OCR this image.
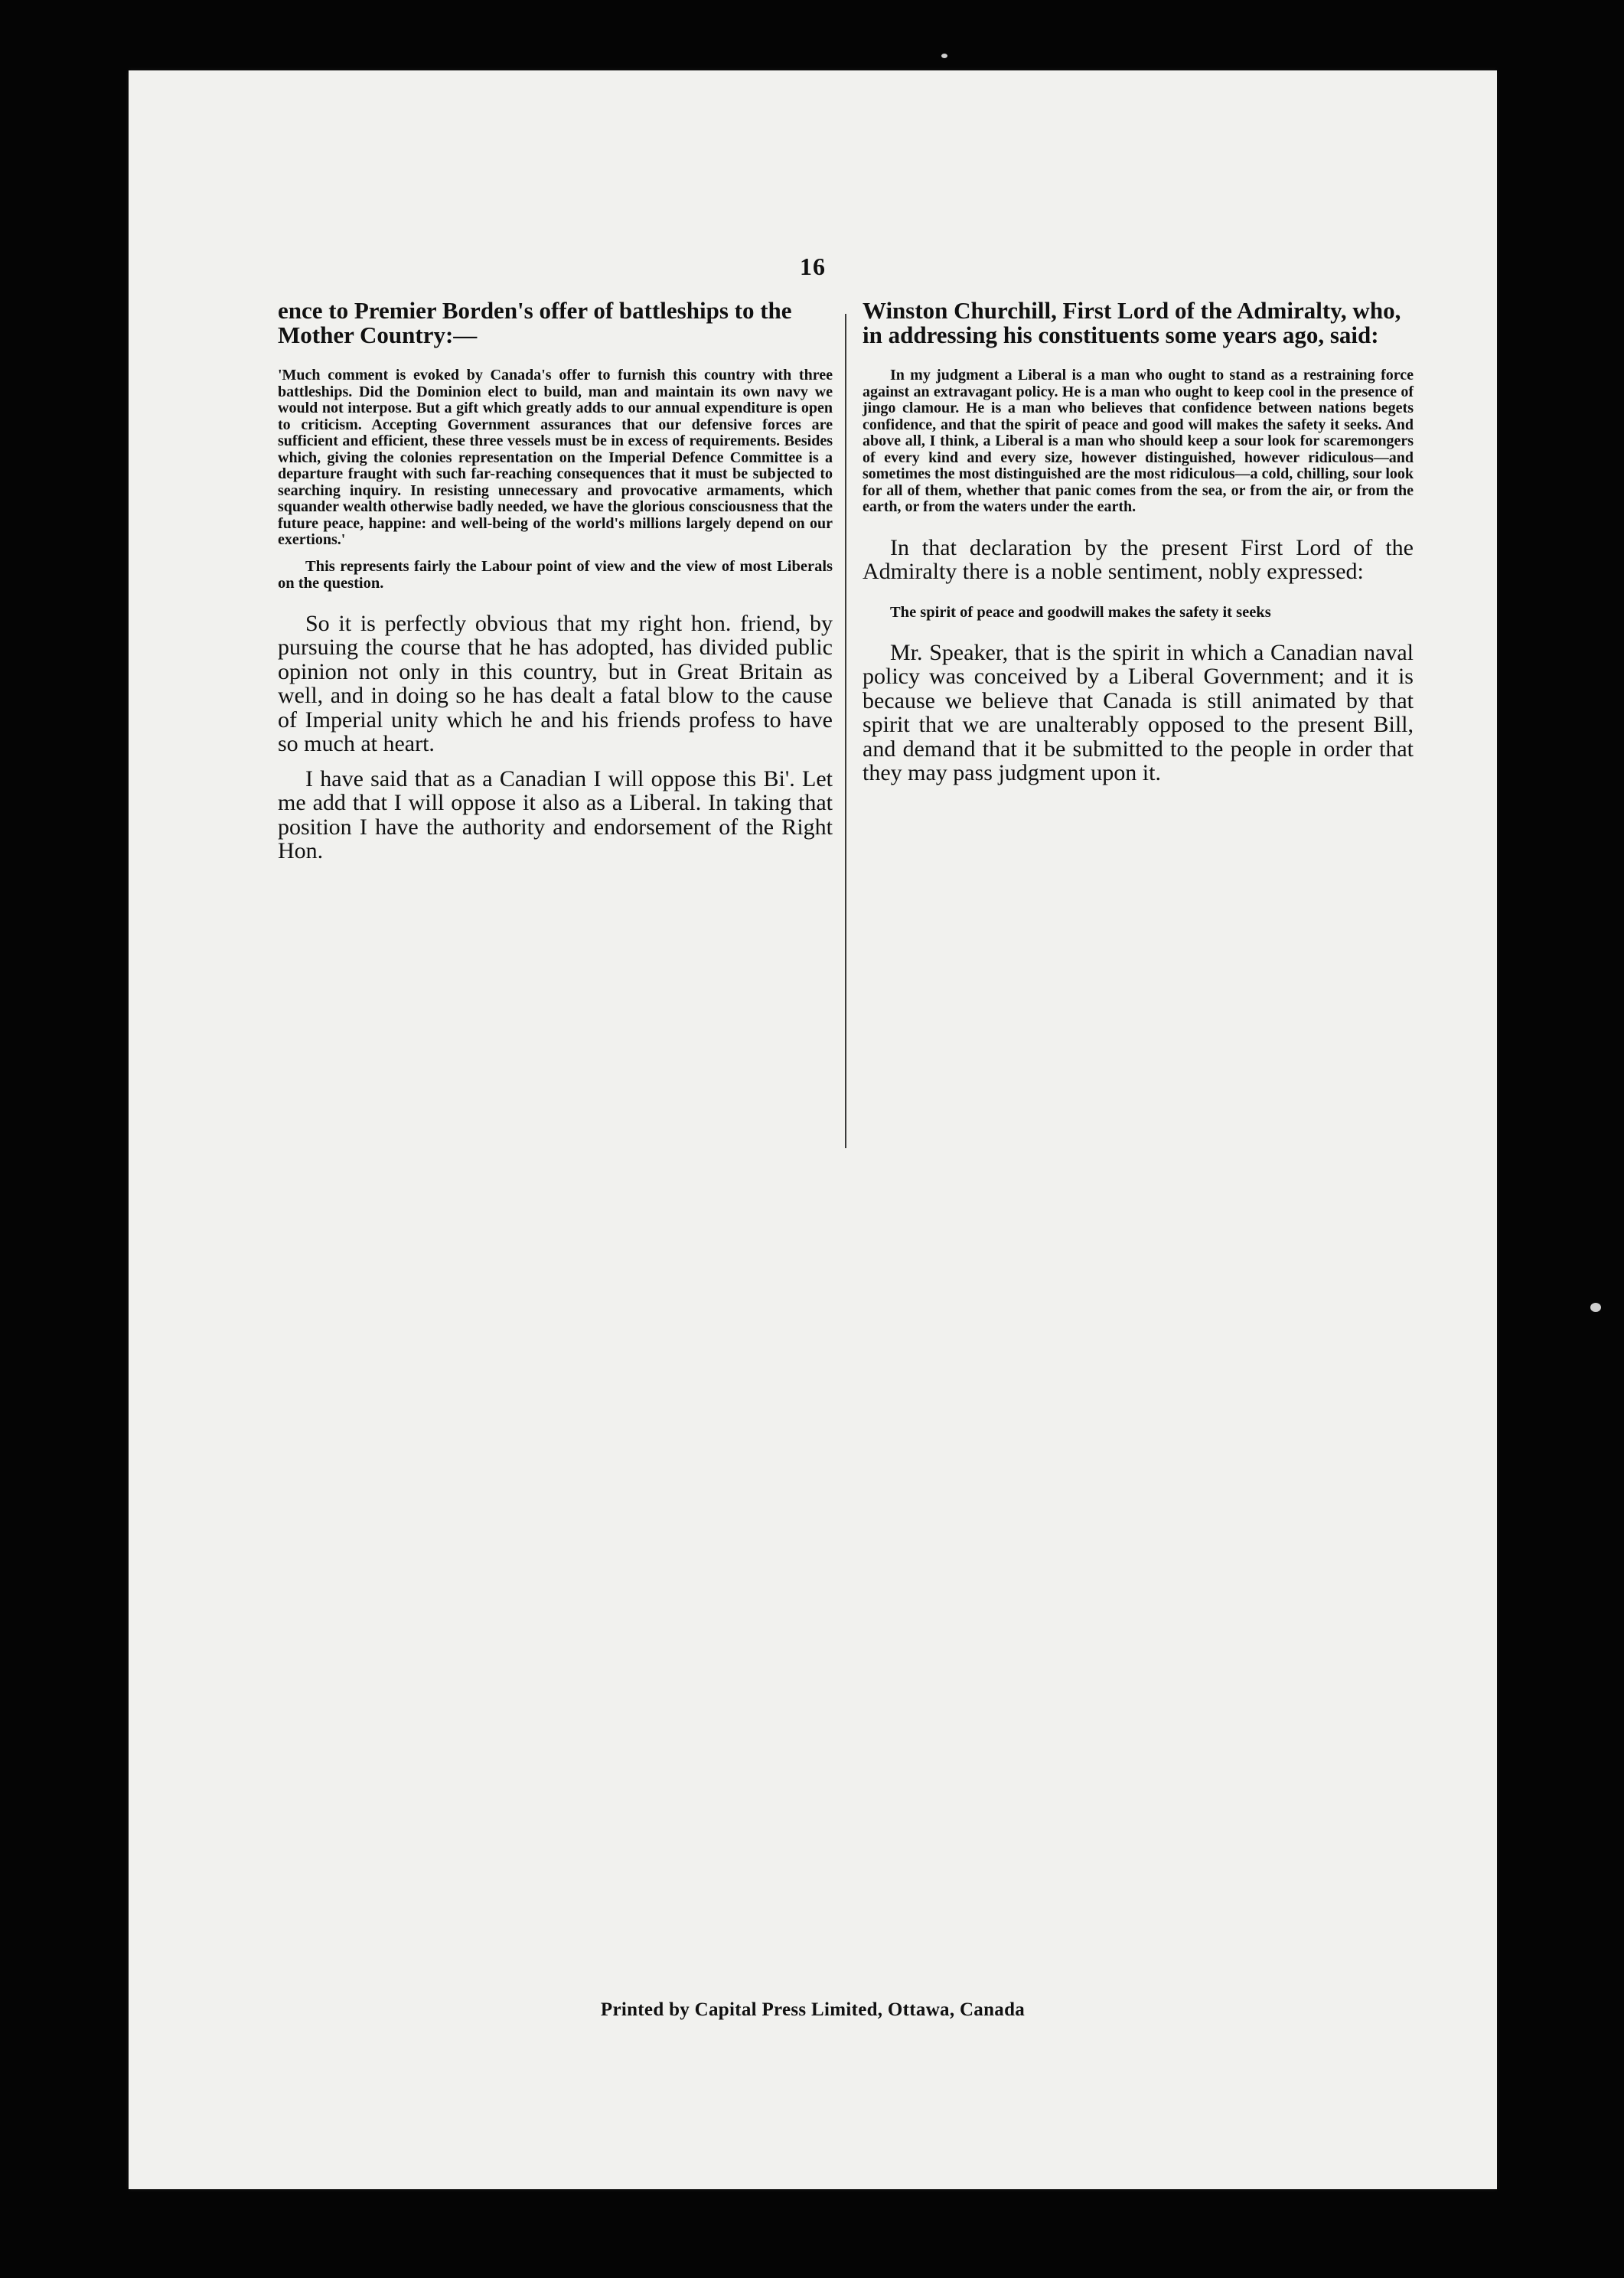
16

ence to Premier Borden's offer of battleships to the Mother Country:—

'Much comment is evoked by Canada's offer to furnish this country with three battleships. Did the Dominion elect to build, man and maintain its own navy we would not interpose. But a gift which greatly adds to our annual expenditure is open to criticism. Accepting Government assurances that our defensive forces are sufficient and efficient, these three vessels must be in excess of requirements. Besides which, giving the colonies representation on the Imperial Defence Committee is a departure fraught with such far-reaching consequences that it must be subjected to searching inquiry. In resisting unnecessary and provocative armaments, which squander wealth otherwise badly needed, we have the glorious consciousness that the future peace, happine: and well-being of the world's millions largely depend on our exertions.'

This represents fairly the Labour point of view and the view of most Liberals on the question.

So it is perfectly obvious that my right hon. friend, by pursuing the course that he has adopted, has divided public opinion not only in this country, but in Great Britain as well, and in doing so he has dealt a fatal blow to the cause of Imperial unity which he and his friends profess to have so much at heart.

I have said that as a Canadian I will oppose this Bi'. Let me add that I will oppose it also as a Liberal. In taking that position I have the authority and endorsement of the Right Hon.

Winston Churchill, First Lord of the Admiralty, who, in addressing his constituents some years ago, said:

In my judgment a Liberal is a man who ought to stand as a restraining force against an extravagant policy. He is a man who ought to keep cool in the presence of jingo clamour. He is a man who believes that confidence between nations begets confidence, and that the spirit of peace and good will makes the safety it seeks. And above all, I think, a Liberal is a man who should keep a sour look for scaremongers of every kind and every size, however distinguished, however ridiculous—and sometimes the most distinguished are the most ridiculous—a cold, chilling, sour look for all of them, whether that panic comes from the sea, or from the air, or from the earth, or from the waters under the earth.

In that declaration by the present First Lord of the Admiralty there is a noble sentiment, nobly expressed:

The spirit of peace and goodwill makes the safety it seeks

Mr. Speaker, that is the spirit in which a Canadian naval policy was conceived by a Liberal Government; and it is because we believe that Canada is still animated by that spirit that we are unalterably opposed to the present Bill, and demand that it be submitted to the people in order that they may pass judgment upon it.

Printed by Capital Press Limited, Ottawa, Canada
